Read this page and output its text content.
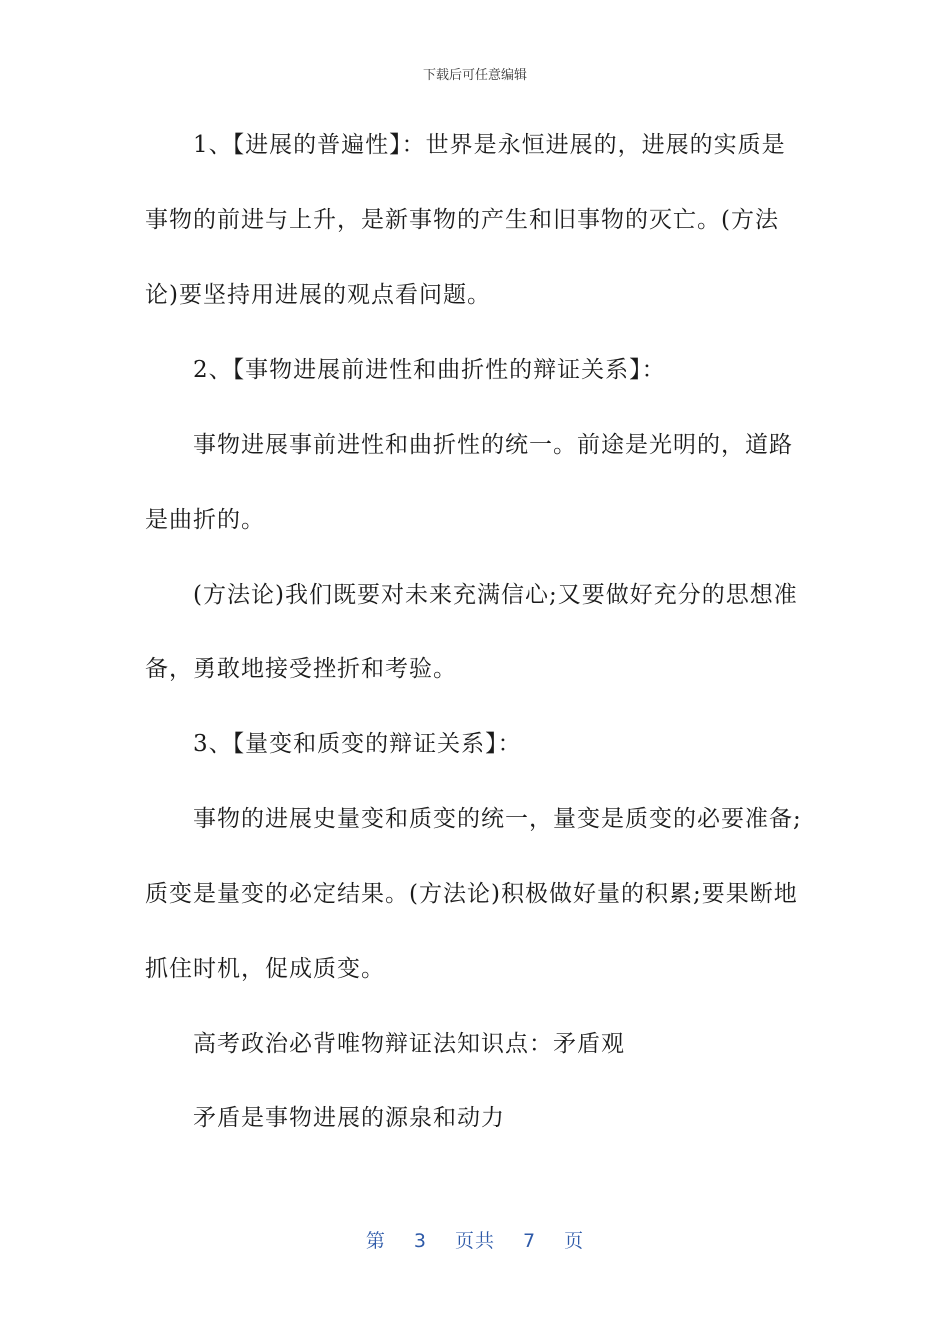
下载后可任意编辑
1、【进展的普遍性】：世界是永恒进展的，进展的实质是
事物的前进与上升，是新事物的产生和旧事物的灭亡。(方法
论)要坚持用进展的观点看问题。
2、【事物进展前进性和曲折性的辩证关系】：
事物进展事前进性和曲折性的统一。前途是光明的，道路
是曲折的。
(方法论)我们既要对未来充满信心;又要做好充分的思想准
备，勇敢地接受挫折和考验。
3、【量变和质变的辩证关系】：
事物的进展史量变和质变的统一，量变是质变的必要准备;
质变是量变的必定结果。(方法论)积极做好量的积累;要果断地
抓住时机，促成质变。
高考政治必背唯物辩证法知识点：矛盾观
矛盾是事物进展的源泉和动力
第 3 页共 7 页
